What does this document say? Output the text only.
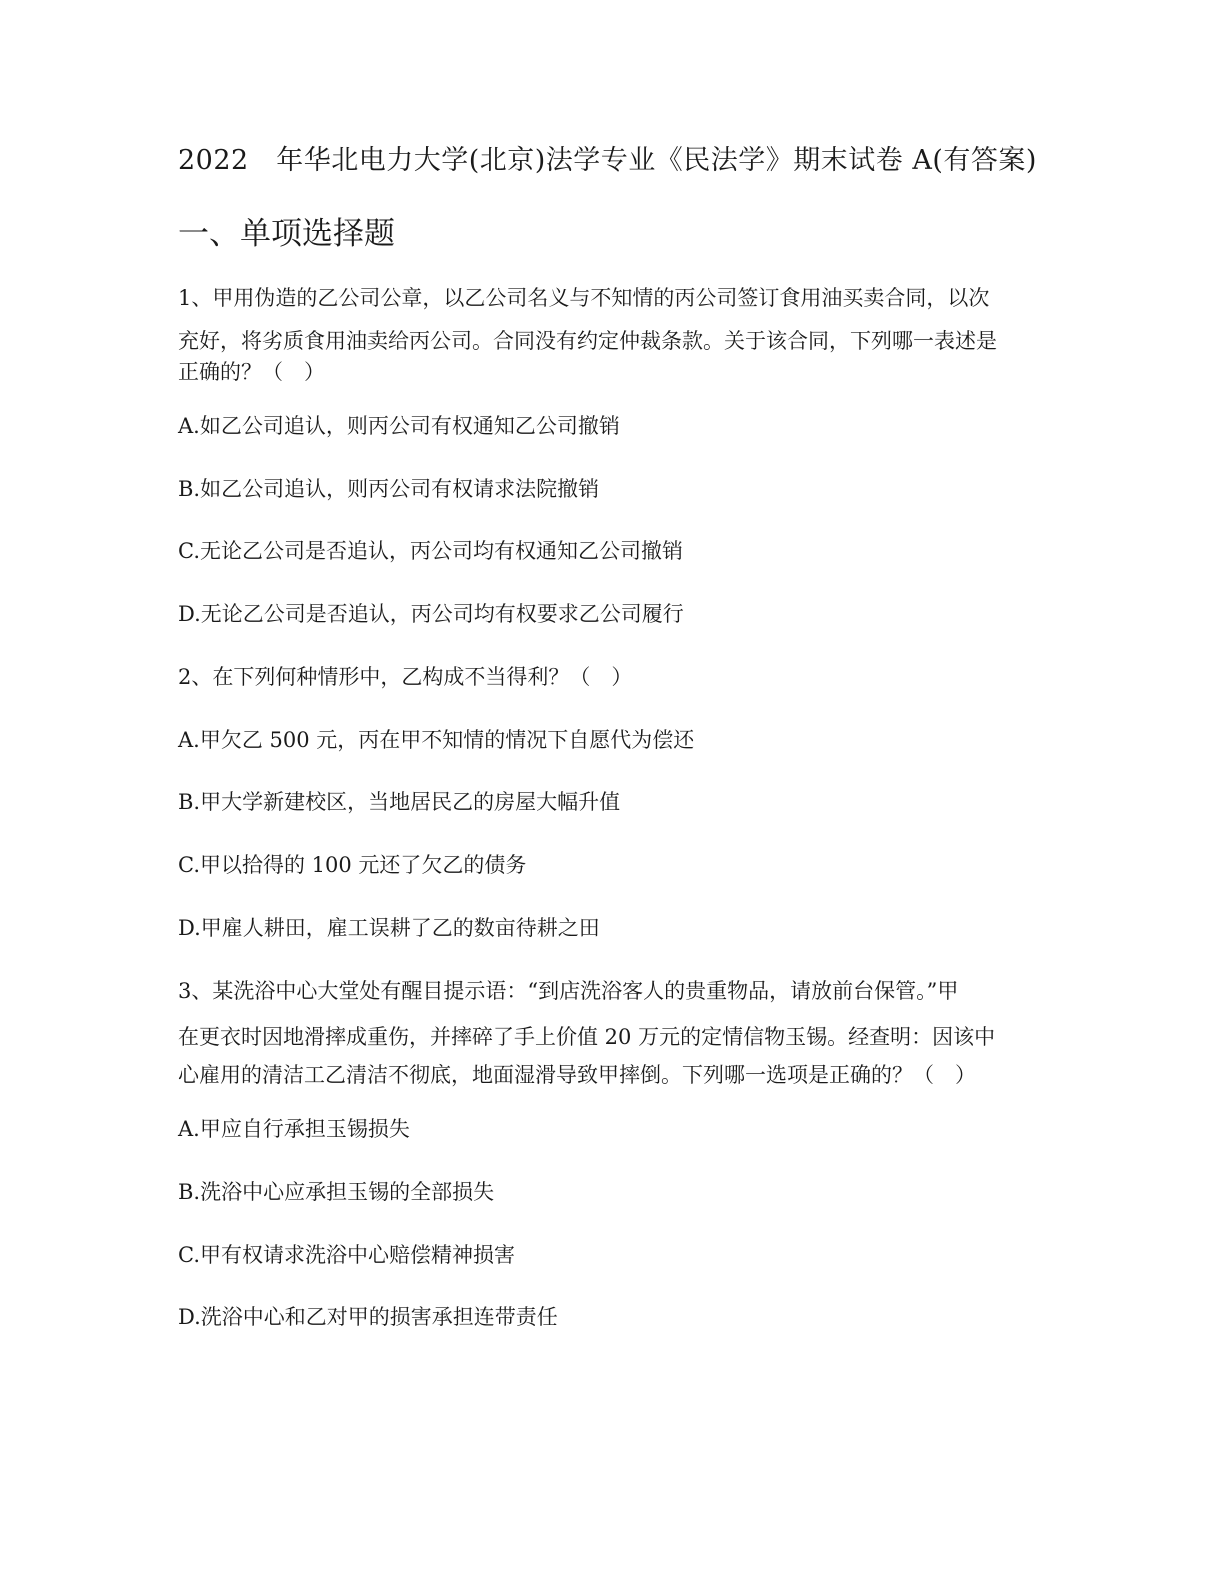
2022　年华北电力大学(北京)法学专业《民法学》期末试卷 A(有答案)
一、单项选择题

1、甲用伪造的乙公司公章，以乙公司名义与不知情的丙公司签订食用油买卖合同，以次

充好，将劣质食用油卖给丙公司。合同没有约定仲裁条款。关于该合同，下列哪一表述是

正确的？（　）

A.如乙公司追认，则丙公司有权通知乙公司撤销

B.如乙公司追认，则丙公司有权请求法院撤销

C.无论乙公司是否追认，丙公司均有权通知乙公司撤销

D.无论乙公司是否追认，丙公司均有权要求乙公司履行

2、在下列何种情形中，乙构成不当得利？（　）

A.甲欠乙 500 元，丙在甲不知情的情况下自愿代为偿还

B.甲大学新建校区，当地居民乙的房屋大幅升值

C.甲以拾得的 100 元还了欠乙的债务

D.甲雇人耕田，雇工误耕了乙的数亩待耕之田

3、某洗浴中心大堂处有醒目提示语：“到店洗浴客人的贵重物品，请放前台保管。”甲

在更衣时因地滑摔成重伤，并摔碎了手上价值 20 万元的定情信物玉锡。经查明：因该中

心雇用的清洁工乙清洁不彻底，地面湿滑导致甲摔倒。下列哪一选项是正确的？（　）

A.甲应自行承担玉锡损失

B.洗浴中心应承担玉锡的全部损失

C.甲有权请求洗浴中心赔偿精神损害

D.洗浴中心和乙对甲的损害承担连带责任
